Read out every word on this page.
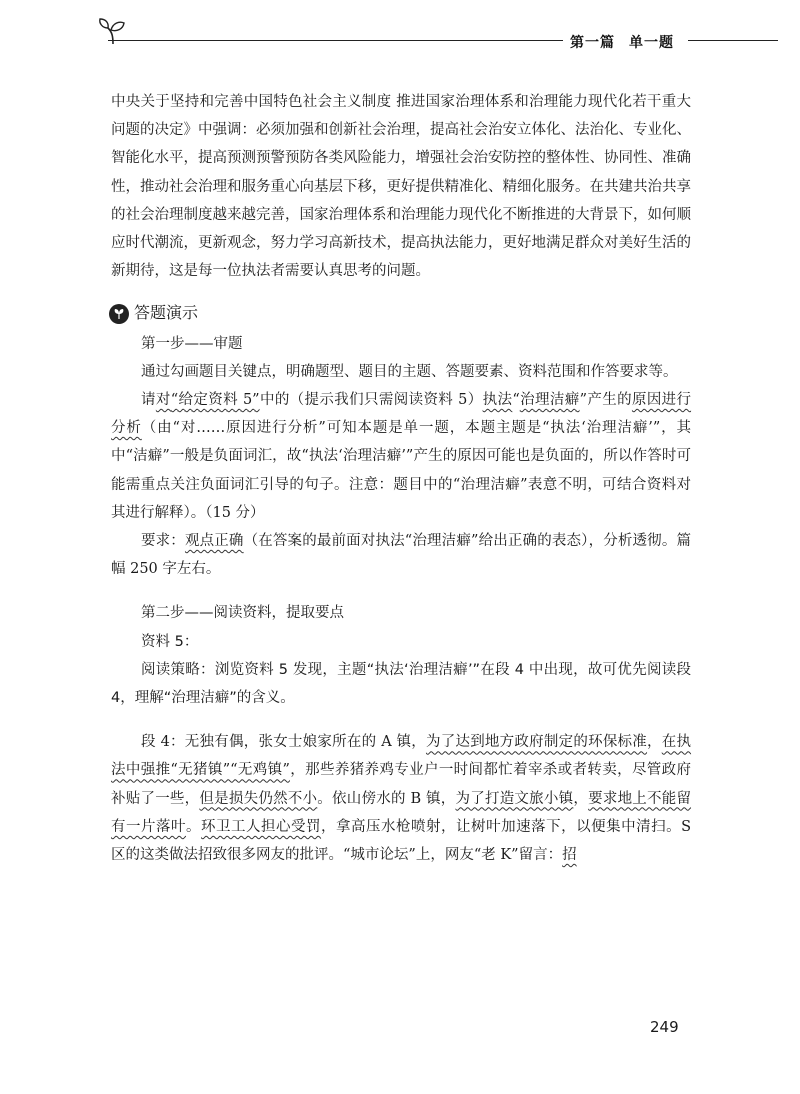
第一篇 单一题

中央关于坚持和完善中国特色社会主义制度 推进国家治理体系和治理能力现代化若干重大问题的决定》中强调：必须加强和创新社会治理，提高社会治安立体化、法治化、专业化、智能化水平，提高预测预警预防各类风险能力，增强社会治安防控的整体性、协同性、准确性，推动社会治理和服务重心向基层下移，更好提供精准化、精细化服务。在共建共治共享的社会治理制度越来越完善，国家治理体系和治理能力现代化不断推进的大背景下，如何顺应时代潮流，更新观念，努力学习高新技术，提高执法能力，更好地满足群众对美好生活的新期待，这是每一位执法者需要认真思考的问题。

答题演示

第一步——审题

通过勾画题目关键点，明确题型、题目的主题、答题要素、资料范围和作答要求等。

请对“给定资料 5”中的（提示我们只需阅读资料 5）执法“治理洁癖”产生的原因进行分析（由“对……原因进行分析”可知本题是单一题，本题主题是“执法‘治理洁癖’”，其中“洁癖”一般是负面词汇，故“执法‘治理洁癖’”产生的原因可能也是负面的，所以作答时可能需重点关注负面词汇引导的句子。注意：题目中的“治理洁癖”表意不明，可结合资料对其进行解释）。（15 分）

要求：观点正确（在答案的最前面对执法“治理洁癖”给出正确的表态），分析透彻。篇幅 250 字左右。

第二步——阅读资料，提取要点

资料 5：

阅读策略：浏览资料 5 发现，主题“执法‘治理洁癖’”在段 4 中出现，故可优先阅读段 4，理解“治理洁癖”的含义。

段 4：无独有偶，张女士娘家所在的 A 镇，为了达到地方政府制定的环保标准，在执法中强推“无猪镇”“无鸡镇”，那些养猪养鸡专业户一时间都忙着宰杀或者转卖，尽管政府补贴了一些，但是损失仍然不小。依山傍水的 B 镇，为了打造文旅小镇，要求地上不能留有一片落叶。环卫工人担心受罚，拿高压水枪喷射，让树叶加速落下，以便集中清扫。S 区的这类做法招致很多网友的批评。“城市论坛”上，网友“老 K”留言：招

249
